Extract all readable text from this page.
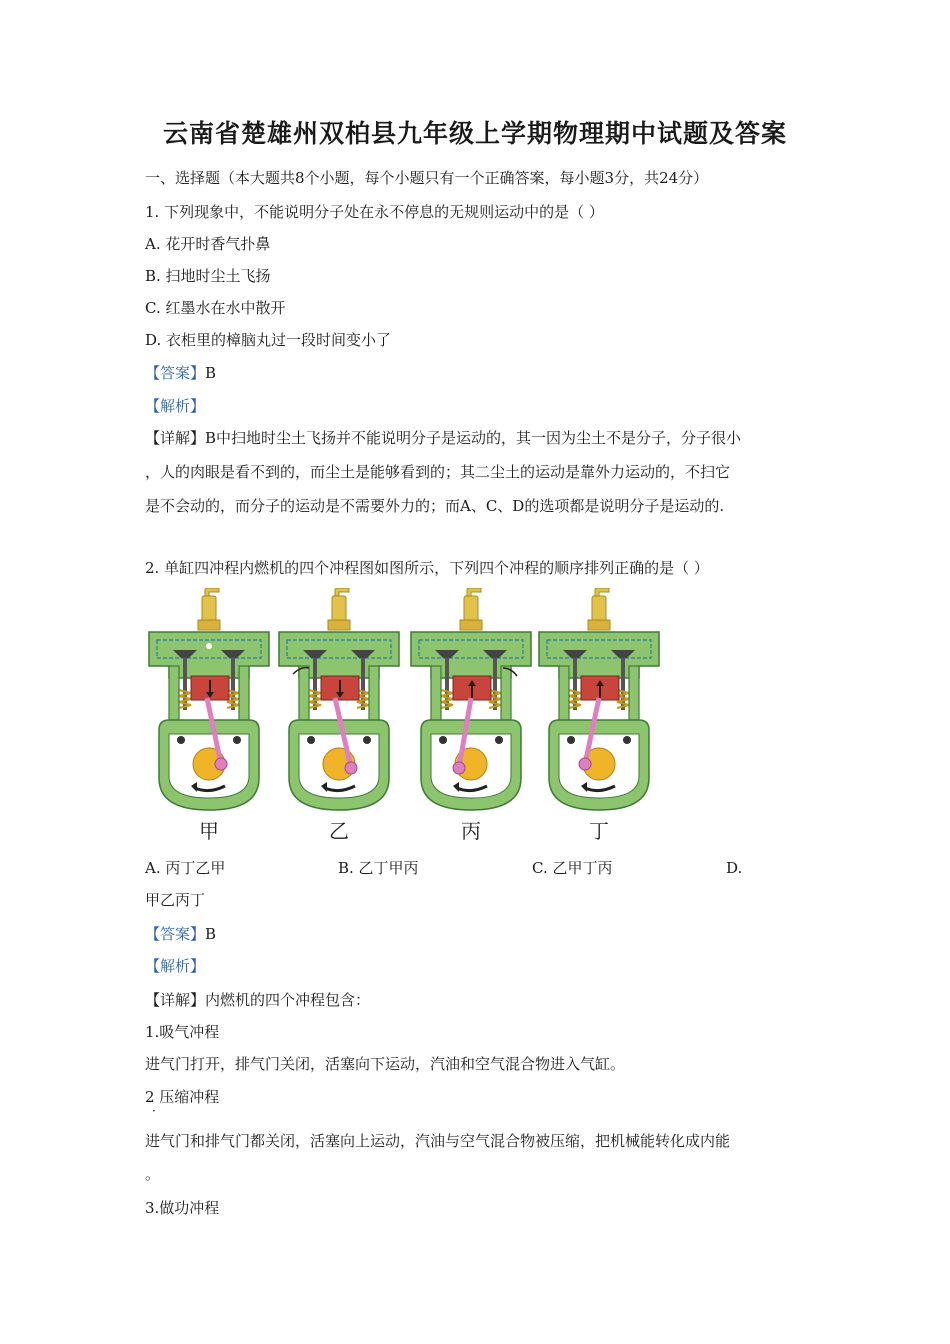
云南省楚雄州双柏县九年级上学期物理期中试题及答案
一、选择题（本大题共8个小题，每个小题只有一个正确答案，每小题3分，共24分）
1. 下列现象中，不能说明分子处在永不停息的无规则运动中的是（ ）
A. 花开时香气扑鼻
B. 扫地时尘土飞扬
C. 红墨水在水中散开
D. 衣柜里的樟脑丸过一段时间变小了
【答案】B
【解析】
【详解】B中扫地时尘土飞扬并不能说明分子是运动的，其一因为尘土不是分子，分子很小
，人的肉眼是看不到的，而尘土是能够看到的；其二尘土的运动是靠外力运动的，不扫它
是不会动的，而分子的运动是不需要外力的；而A、C、D的选项都是说明分子是运动的.
2. 单缸四冲程内燃机的四个冲程图如图所示，下列四个冲程的顺序排列正确的是（ ）
甲	乙	丙	丁
A. 丙丁乙甲	B. 乙丁甲丙	C. 乙甲丁丙	D.
甲乙丙丁
【答案】B
【解析】
【详解】内燃机的四个冲程包含：
1.吸气冲程
进气门打开，排气门关闭，活塞向下运动，汽油和空气混合物进入气缸。
2 压缩冲程
·
进气门和排气门都关闭，活塞向上运动，汽油与空气混合物被压缩，把机械能转化成内能
。
3.做功冲程
